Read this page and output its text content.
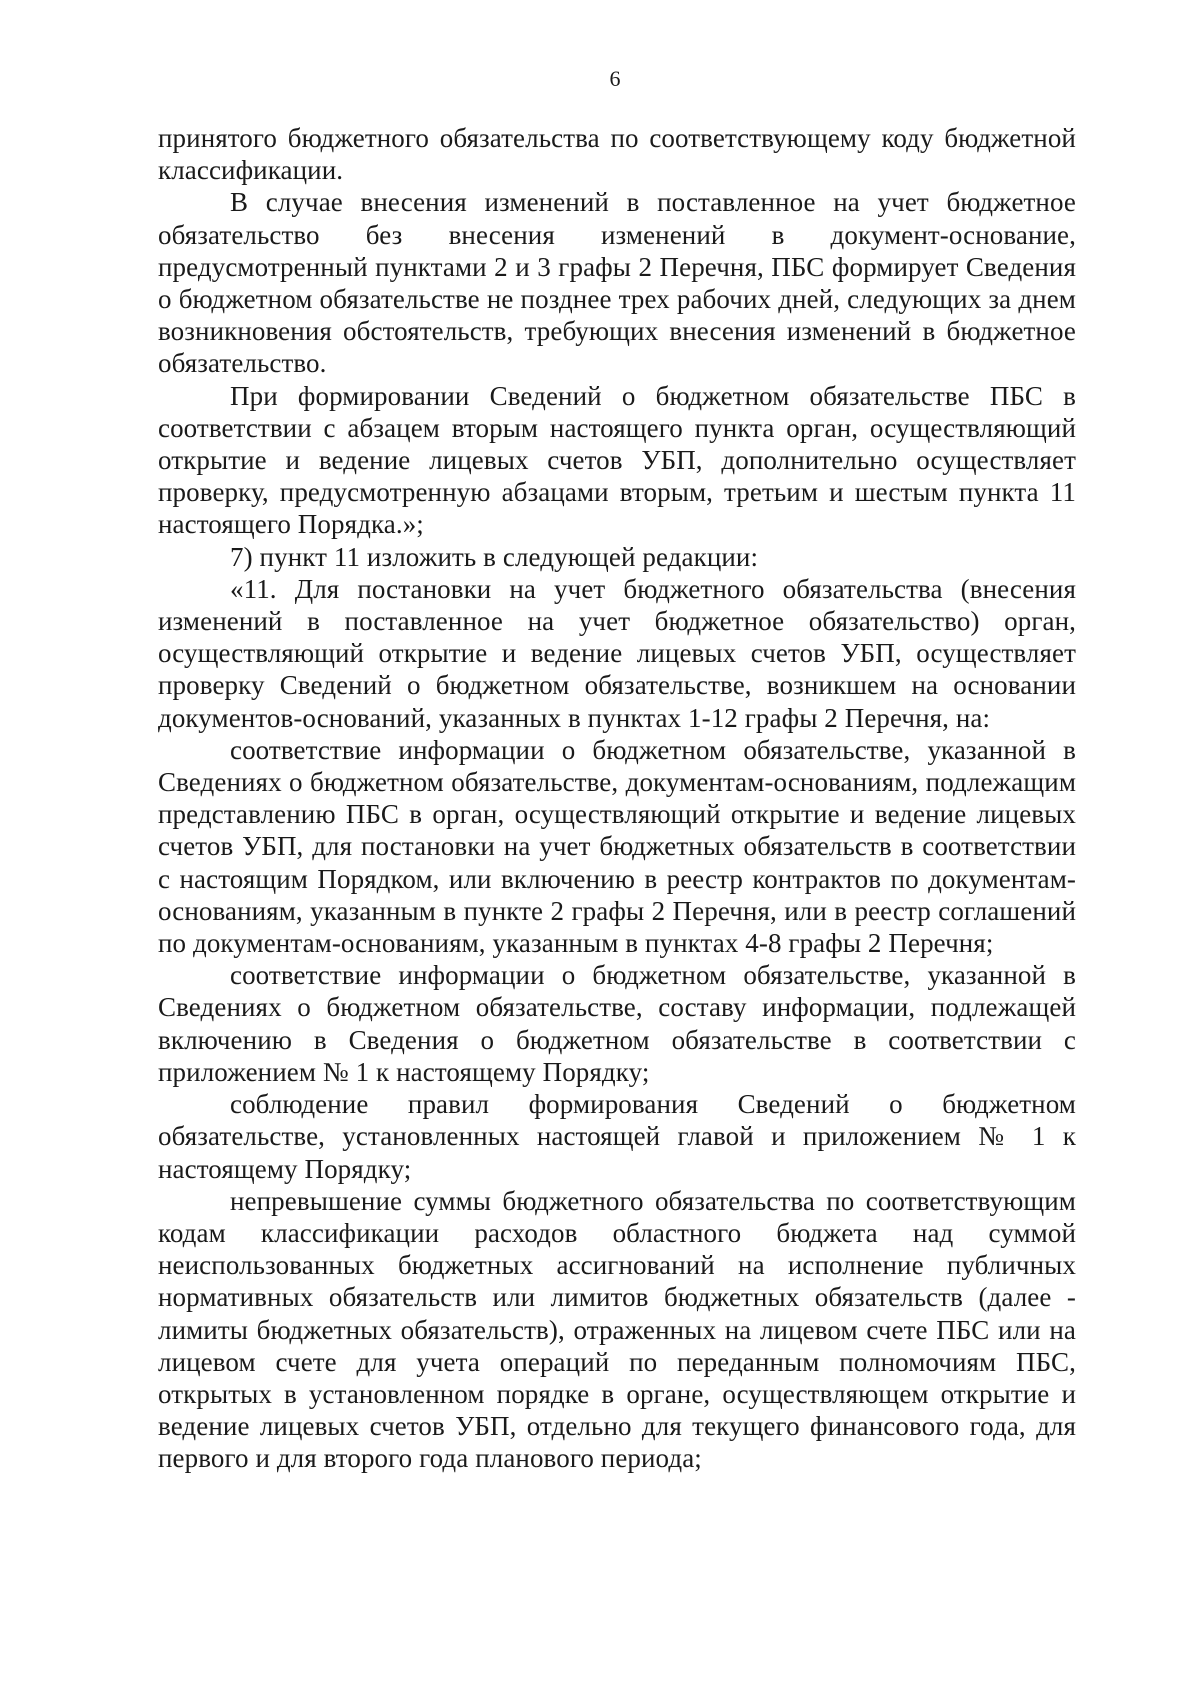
6

принятого бюджетного обязательства по соответствующему коду бюджетной классификации.

В случае внесения изменений в поставленное на учет бюджетное обязательство без внесения изменений в документ-основание, предусмотренный пунктами 2 и 3 графы 2 Перечня, ПБС формирует Сведения о бюджетном обязательстве не позднее трех рабочих дней, следующих за днем возникновения обстоятельств, требующих внесения изменений в бюджетное обязательство.

При формировании Сведений о бюджетном обязательстве ПБС в соответствии с абзацем вторым настоящего пункта орган, осуществляющий открытие и ведение лицевых счетов УБП, дополнительно осуществляет проверку, предусмотренную абзацами вторым, третьим и шестым пункта 11 настоящего Порядка.»;

7) пункт 11 изложить в следующей редакции:

«11. Для постановки на учет бюджетного обязательства (внесения изменений в поставленное на учет бюджетное обязательство) орган, осуществляющий открытие и ведение лицевых счетов УБП, осуществляет проверку Сведений о бюджетном обязательстве, возникшем на основании документов-оснований, указанных в пунктах 1-12 графы 2 Перечня, на:

соответствие информации о бюджетном обязательстве, указанной в Сведениях о бюджетном обязательстве, документам-основаниям, подлежащим представлению ПБС в орган, осуществляющий открытие и ведение лицевых счетов УБП, для постановки на учет бюджетных обязательств в соответствии с настоящим Порядком, или включению в реестр контрактов по документам-основаниям, указанным в пункте 2 графы 2 Перечня, или в реестр соглашений по документам-основаниям, указанным в пунктах 4-8 графы 2 Перечня;

соответствие информации о бюджетном обязательстве, указанной в Сведениях о бюджетном обязательстве, составу информации, подлежащей включению в Сведения о бюджетном обязательстве в соответствии с приложением № 1 к настоящему Порядку;

соблюдение правил формирования Сведений о бюджетном обязательстве, установленных настоящей главой и приложением № 1 к настоящему Порядку;

непревышение суммы бюджетного обязательства по соответствующим кодам классификации расходов областного бюджета над суммой неиспользованных бюджетных ассигнований на исполнение публичных нормативных обязательств или лимитов бюджетных обязательств (далее - лимиты бюджетных обязательств), отраженных на лицевом счете ПБС или на лицевом счете для учета операций по переданным полномочиям ПБС, открытых в установленном порядке в органе, осуществляющем открытие и ведение лицевых счетов УБП, отдельно для текущего финансового года, для первого и для второго года планового периода;
